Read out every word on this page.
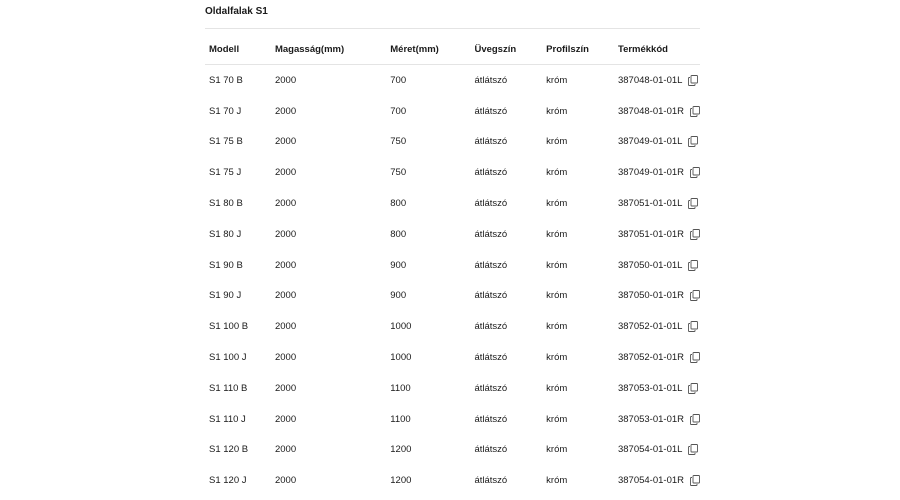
Oldalfalak S1
Modell	Magasság(mm)	Méret(mm)	Üvegszín	Profilszín	Termékkód
S1 70 B	2000	700	átlátszó	króm	387048-01-01L

S1 70 J	2000	700	átlátszó	króm	387048-01-01R

S1 75 B	2000	750	átlátszó	króm	387049-01-01L

S1 75 J	2000	750	átlátszó	króm	387049-01-01R

S1 80 B	2000	800	átlátszó	króm	387051-01-01L

S1 80 J	2000	800	átlátszó	króm	387051-01-01R

S1 90 B	2000	900	átlátszó	króm	387050-01-01L

S1 90 J	2000	900	átlátszó	króm	387050-01-01R

S1 100 B	2000	1000	átlátszó	króm	387052-01-01L

S1 100 J	2000	1000	átlátszó	króm	387052-01-01R

S1 110 B	2000	1100	átlátszó	króm	387053-01-01L

S1 110 J	2000	1100	átlátszó	króm	387053-01-01R

S1 120 B	2000	1200	átlátszó	króm	387054-01-01L

S1 120 J	2000	1200	átlátszó	króm	387054-01-01R
